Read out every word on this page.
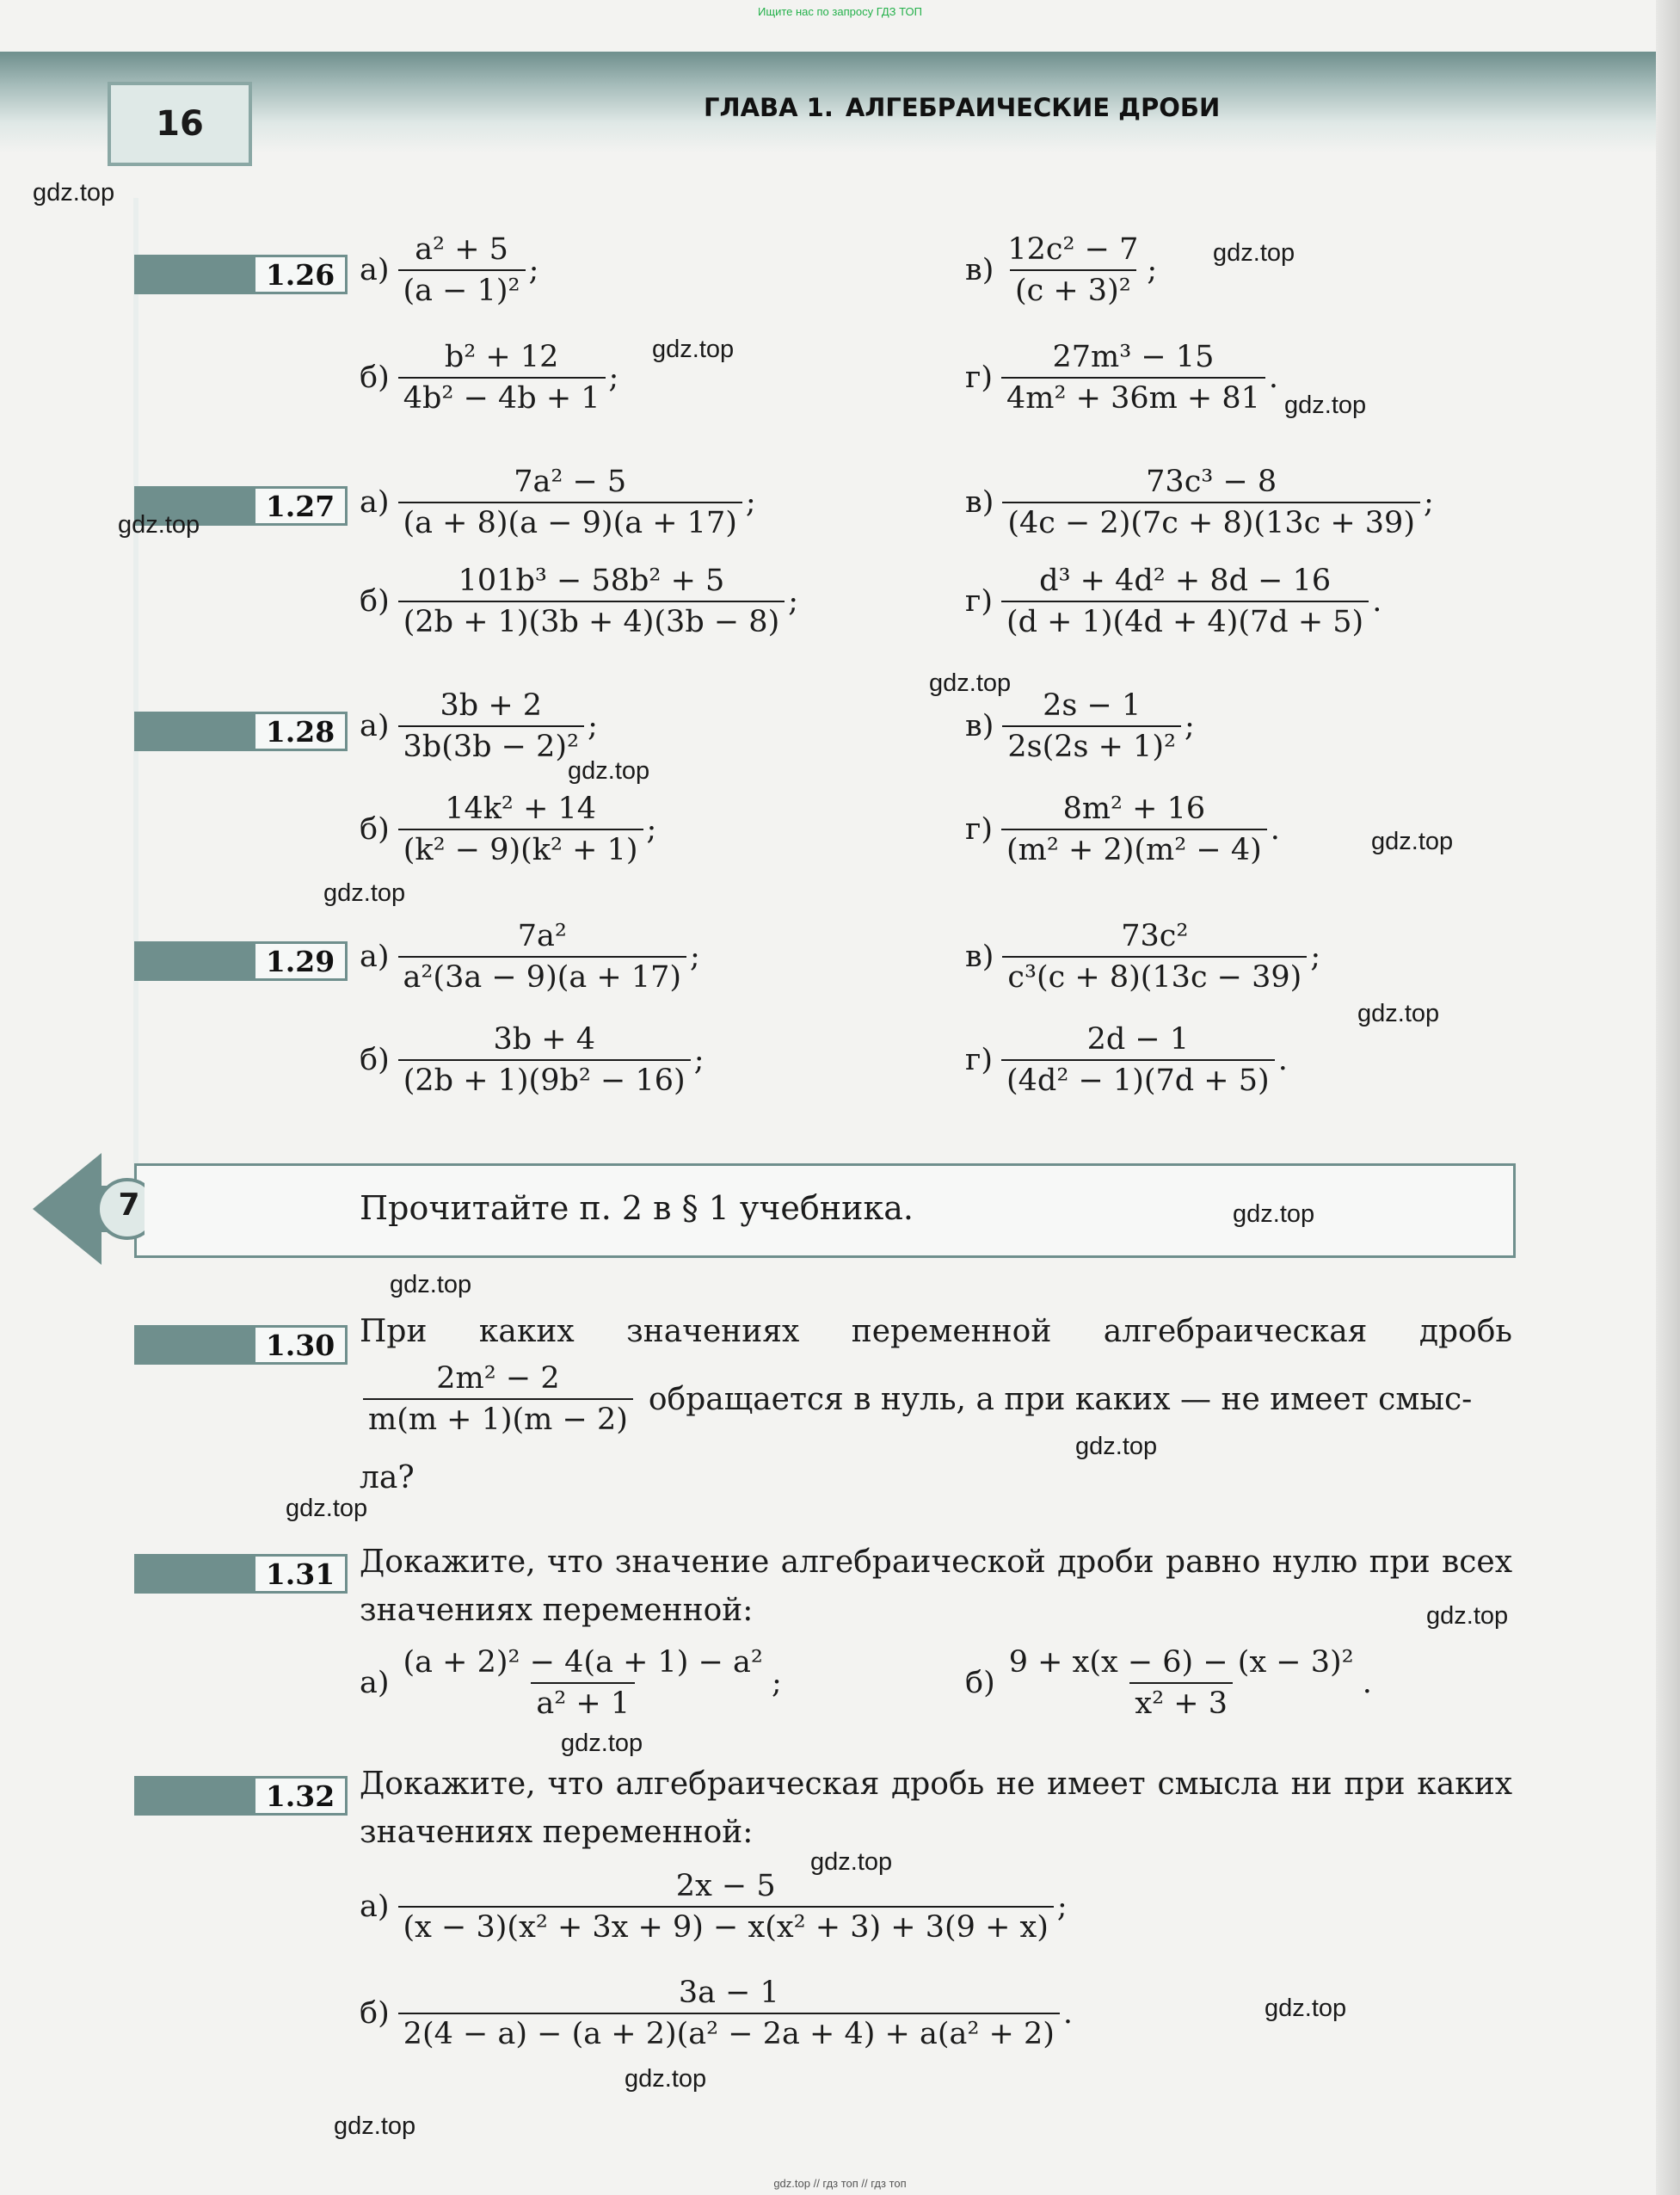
Ищите нас по запросу ГДЗ ТОП
16	ГЛАВА 1. АЛГЕБРАИЧЕСКИЕ ДРОБИ
1.26 $а) \frac{\text{a² + 5}}{\text{(a − 1)²}}$ ;	$в) \frac{\text{12c² − 7}}{\text{(c + 3)²}}$ ;
$б) \frac{\text{b² + 12}}{\text{4b² − 4b + 1}}$ ;	$г) \frac{\text{27m³ − 15}}{\text{4m² + 36m + 81}}$ .
1.27 $а) \frac{\text{7a² − 5}}{(a + 8)(a - 9)(a + 17)}$ ;	$в) \frac{\text{73c³ − 8}}{(4c - 2)(7c + 8)(13c + 39)}$ ;
$б) \frac{\text{101b³ − 58b² + 5}}{(2b + 1)(3b + 4)(3b - 8)}$ ;	$г) \frac{\text{d³ + 4d² + 8d − 16}}{(d + 1)(4d + 4)(7d + 5)}$ .
1.28 $а) \frac{3b + 2}{\text{3b(3b − 2)²}}$ ;	$в) \frac{2s - 1}{\text{2s(2s + 1)²}}$ ;
$б) \frac{\text{14k² + 14}}{\text{(k² − 9)(k² + 1)}}$ ;	$г) \frac{\text{8m² + 16}}{\text{(m² + 2)(m² − 4)}}$ .
1.29 $а) \frac{\text{7a²}}{\text{a²(3a − 9)(a + 17)}}$ ;	$в) \frac{\text{73c²}}{\text{c³(c + 8)(13c − 39)}}$ ;
$б) \frac{3b + 4}{\text{(2b + 1)(9b² − 16)}}$ ;	$г) \frac{2d - 1}{\text{(4d² − 1)(7d + 5)}}$ .
7	Прочитайте п. 2 в § 1 учебника.
1.30 При каких значениях переменной алгебраическая дробь
$\frac{\text{2m² − 2}}{m(m + 1)(m - 2)}$ обращается в нуль, а при каких — не имеет смыс-
ла?
1.31 Докажите, что значение алгебраической дроби равно нулю при всех значениях переменной:
$а) \frac{\text{(a + 2)² − 4(a + 1) − a²}}{\text{a² + 1}}$ ;	$б) \frac{\text{9 + x(x − 6) − (x − 3)²}}{\text{x² + 3}}$ .
1.32 Докажите, что алгебраическая дробь не имеет смысла ни при каких значениях переменной:
$а) \frac{2x - 5}{\text{(x − 3)(x² + 3x + 9) − x(x² + 3) + 3(9 + x)}}$ ;
$б) \frac{3a - 1}{\text{2(4 − a) − (a + 2)(a² − 2a + 4) + a(a² + 2)}}$ .
gdz.top
gdz.top
gdz.top
gdz.top
gdz.top
gdz.top
gdz.top
gdz.top
gdz.top
gdz.top
gdz.top
gdz.top
gdz.top
gdz.top
gdz.top
gdz.top
gdz.top
gdz.top
gdz.top
gdz.top
gdz.top // гдз топ // гдз топ
